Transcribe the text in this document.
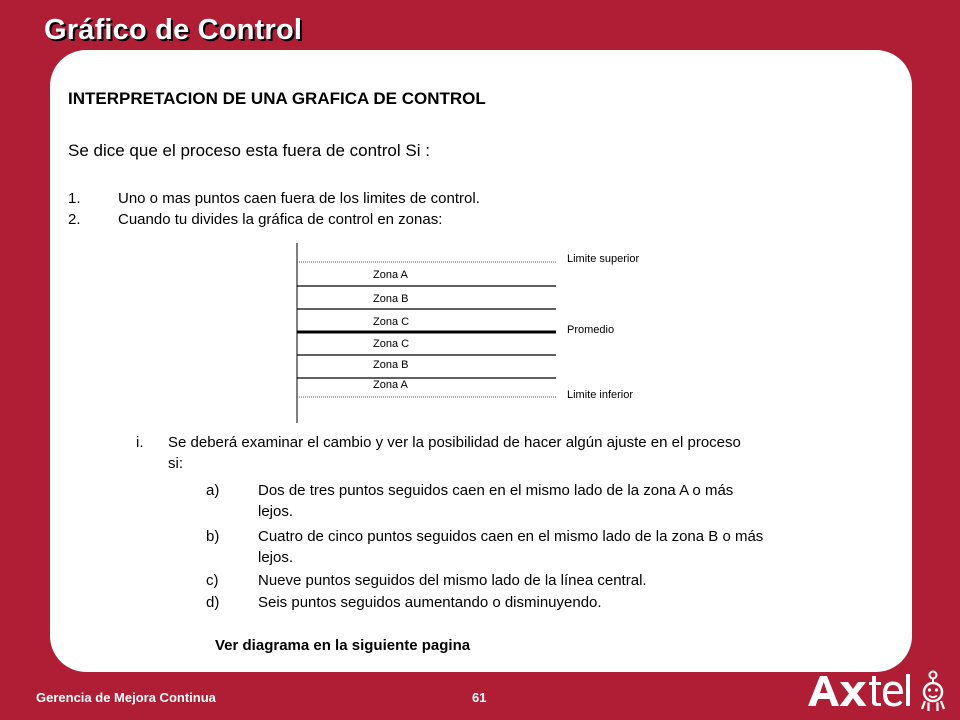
Gráfico de Control
INTERPRETACION DE UNA GRAFICA DE CONTROL
Se dice que el proceso esta fuera de control Si :
1. Uno o mas puntos caen fuera de los limites de control.
2. Cuando tu divides la gráfica de control en zonas:
Zona A
Zona B
Zona C
Zona C
Zona B
Zona A
Limite superior
Promedio
Limite inferior
i. Se deberá examinar el cambio y ver la posibilidad de hacer algún ajuste en el proceso
si:
a)	Dos de tres puntos seguidos caen en el mismo lado de la zona A o más
lejos.
b)	Cuatro de cinco puntos seguidos caen en el mismo lado de la zona B o más
lejos.
c)	Nueve puntos seguidos del mismo lado de la línea central.
d)	Seis puntos seguidos aumentando o disminuyendo.
Ver diagrama en la siguiente pagina
Gerencia de Mejora Continua	61
